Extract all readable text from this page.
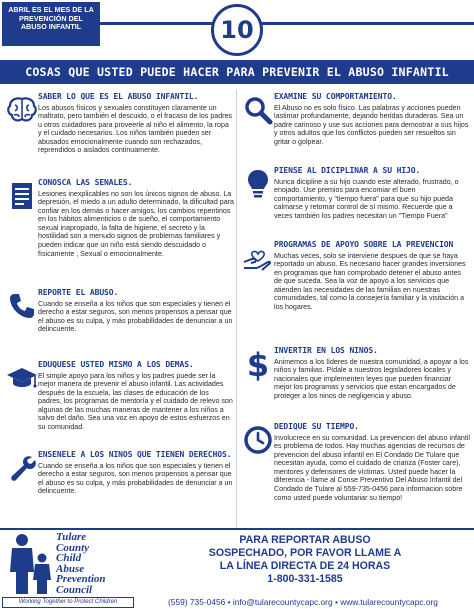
ABRIL ES EL MES DE LA PREVENCIÓN DEL ABUSO INFANTIL	10
COSAS QUE USTED PUEDE HACER PARA PREVENIR EL ABUSO INFANTIL
SABER LO QUE ES EL ABUSO INFANTIL.

Los abusos físicos y sexuales constituyen claramente un maltrato, pero también el descuido, o el fracaso de los padres u otros cuidadores para proveerle al niño el alimento, la ropa y el cuidado necesarios. Los niños también pueden ser abusados emocionalmente cuando son rechazados, reprendidos o aislados continuamente.

CONOSCA LAS SENALES.

Lesiones inexplicables no son los únicos signos de abuso. La depresión, el miedo a un adulto determinado, la dificultad para confiar en los demás o hacer amigos, los cambios repentinos en los hábitos alimenticios o de sueño, el comportamiento sexual inapropiado, la falta de higiene, el secreto y la hostilidad son a menudo signos de problemas familiares y pueden indicar que un niño está siendo descuidado o físicamente , Sexual o emocionalmente.

REPORTE EL ABUSO.

Cuando se enseña a los niños que son especiales y tienen el derecho a estar seguros, son menos propensos a pensar que el abuso es su culpa, y más probabilidades de denunciar a un delincuente.

EDUQUESE USTED MISMO A LOS DEMAS.

El simple apoyo para los niños y los padres puede ser la mejor manera de prevenir el abuso infantil. Las actividades después de la escuela, las clases de educación de los padres, los programas de mentoría y el cuidado de relevo son algunas de las muchas maneras de mantener a los niños a salvo del daño. Sea una voz en apoyo de estos esfuerzos en su comunidad.

ENSENELE A LOS NINOS QUE TIENEN DERECHOS.

Cuando se enseña a los niños que son especiales y tienen el derecho a estar seguros, son menos propensos a pensar que el abuso es su culpa, y más probabilidades de denunciar a un delincuente.

EXAMINE SU COMPORTAMIENTO.

El Abuso no es solo físico. Las palabras y acciones pueden lastimar profundamente, dejando heridas duraderas. Sea un padre carinoso y use sus acciones para demostrar a sus hijos y otros adultos que los conflictos pueden ser resueltos sin gritar o golpear.

PIENSE AL DICIPLINAR A SU HIJO.

Nunca dicipline a su hijo cuando este alterado, frustrado, o enojado. Use premios para encomiar el buen comportamiento, y "tiempo fuera" para que su hijo pueda calmarse y retomar control de sí mismo. Recuerde que a veces también los padres necesitan un "Tiempo Fuera"

PROGRAMAS DE APOYO SOBRE LA PREVENCION

Muchas veces, solo se interviene despues de que se haya reportado un abuso. Es necesario hacer grandes inversiones en programas que han comprobado detener el abuso antes de que suceda. Sea la voz de apoyo a los servicios que atienden las necesidades de las familias en nuestras comunidades, tal como la consejería familiar y la visitación a los hogares.

$ INVERTIR EN LOS NINOS.

Animemos a los líderes de nuestra comunidad, a apoyar a los niños y familias. Pídale a nuestros legisladores locales y nacionales que implementen leyes que pueden financiar mejor los programas y servicios que estan encargados de proteger a los ninos de negligencia y abuso.

DEDIQUE SU TIEMPO.

Involucrece en su comunidad. La prevencion del abuso infantil es problema de todos. Hay muchas agencias de recursos de prevencion del abuso infantil en El Condado De Tulare que necesitan ayuda, como el cuidado de crianza (Foster care), mentores y defensores de víctimas. Usted puede hacer la diferencia - llame al Conse Preventivo Del Abuso Infantil del Condado de Tulare al 559-735-0456 para informacion sobre como usted puede voluntariar su tiempo!

Tulare
County
Child
Abuse
Prevention
Council
Working Together to Protect Children
PARA REPORTAR ABUSO
SOSPECHADO, POR FAVOR LLAME A
LA LÍNEA DIRECTA DE 24 HORAS
1-800-331-1585
(559) 735-0456 • info@tularecountycapc.org • www.tularecountycapc.org
